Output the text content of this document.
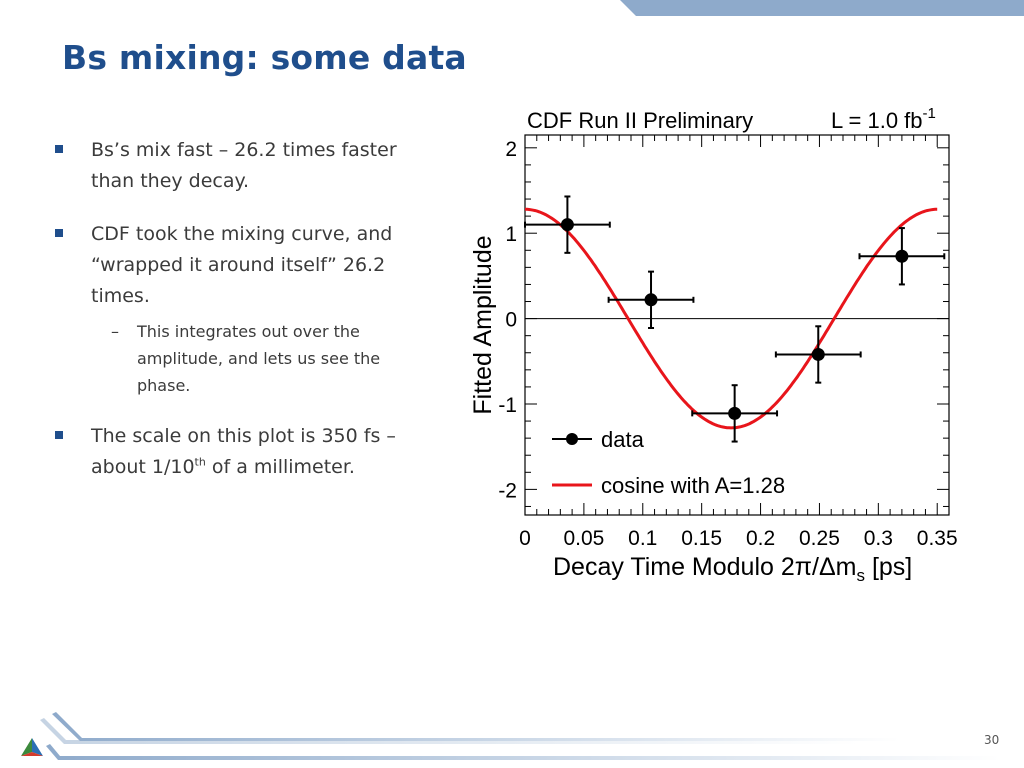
Bs mixing: some data
Bs’s mix fast – 26.2 times faster than they decay.
CDF took the mixing curve, and “wrapped it around itself” 26.2 times.
– This integrates out over the amplitude, and lets us see the phase.
The scale on this plot is 350 fs – about 1/10th of a millimeter.
CDF Run II Preliminary	L = 1.0 $fb^{-1}$
0 0.05 0.1 0.15 0.2 0.25 0.3 0.35
2
1
0
-1
-2
data
cosine with A=1.28
Decay Time Modulo $2\pi/\Delta m_s$ [ps]
Fitted Amplitude
30
